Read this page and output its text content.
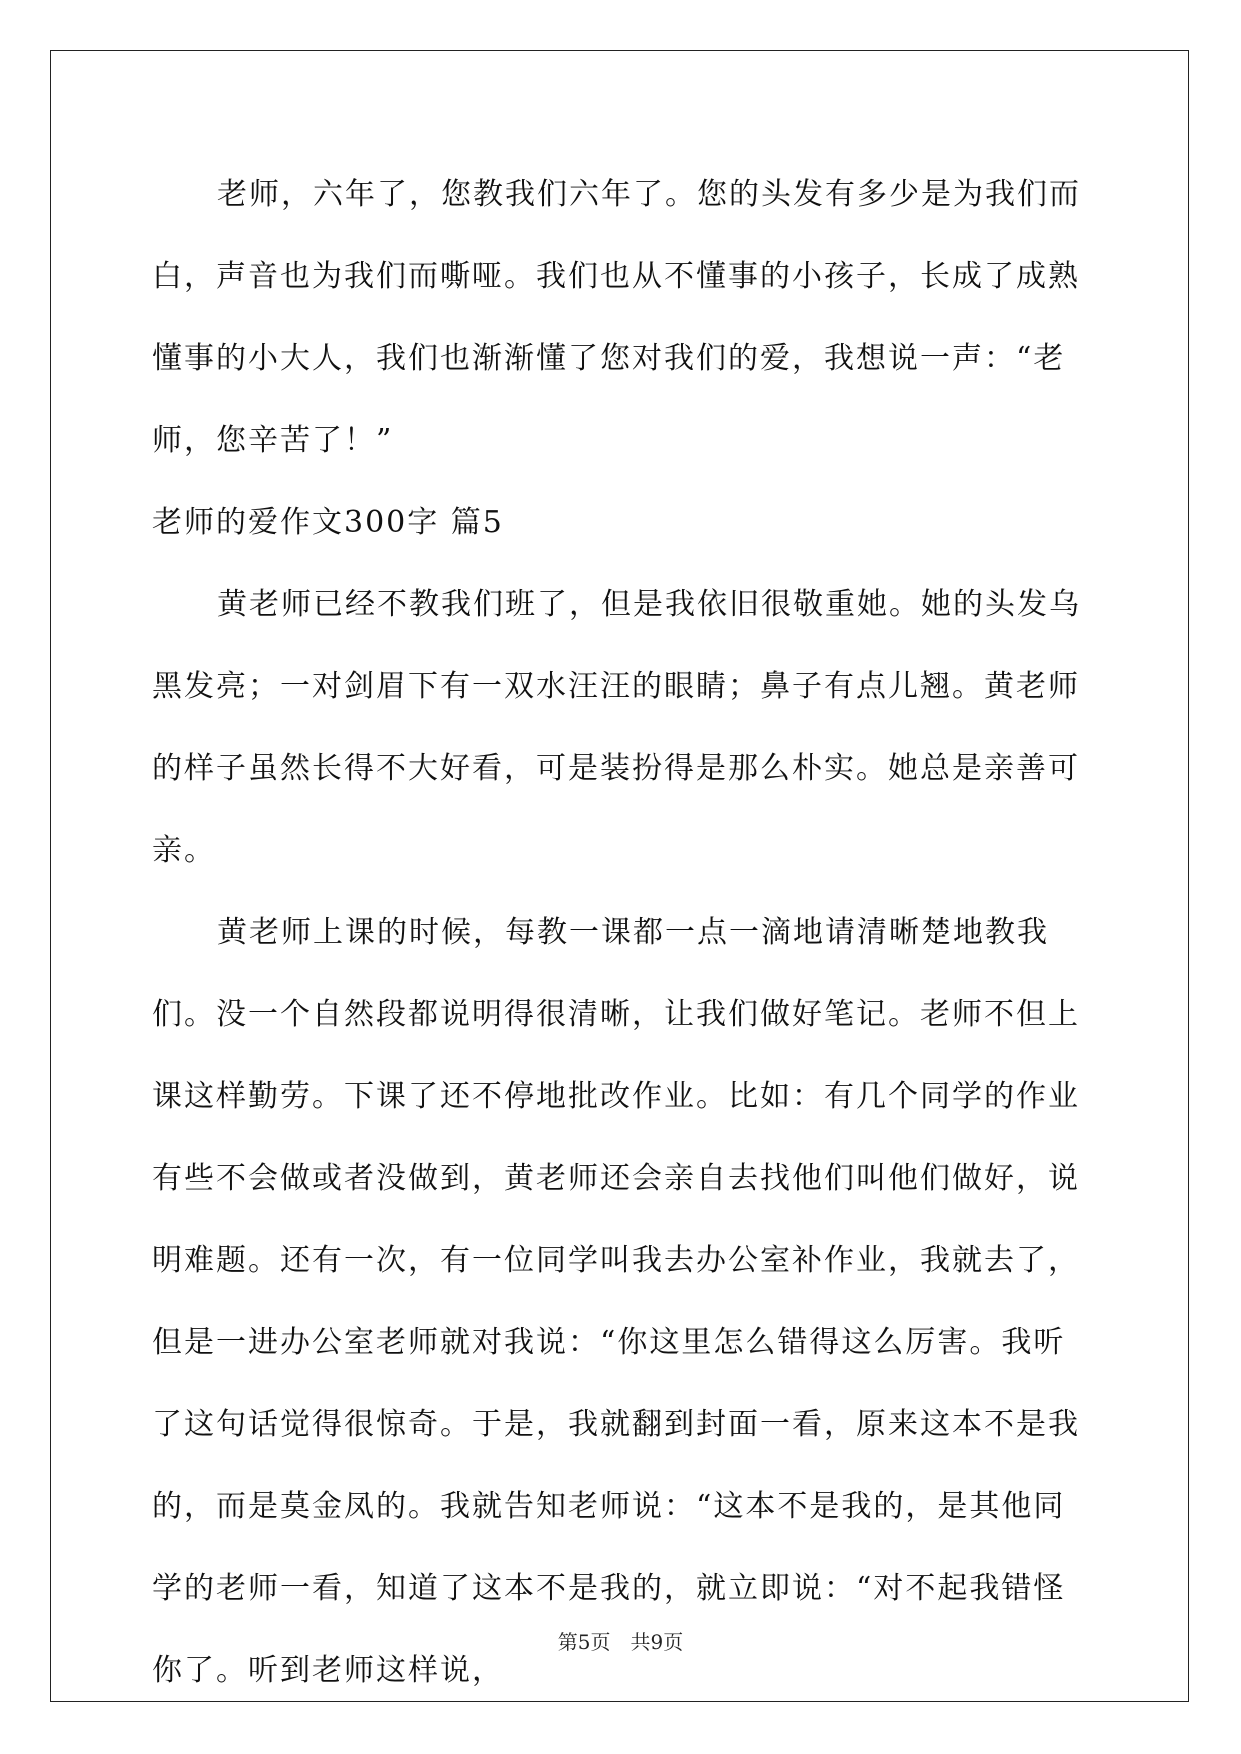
老师，六年了，您教我们六年了。您的头发有多少是为我们而白，声音也为我们而嘶哑。我们也从不懂事的小孩子，长成了成熟懂事的小大人，我们也渐渐懂了您对我们的爱，我想说一声：“老师，您辛苦了！”

老师的爱作文300字 篇5

黄老师已经不教我们班了，但是我依旧很敬重她。她的头发乌黑发亮；一对剑眉下有一双水汪汪的眼睛；鼻子有点儿翘。黄老师的样子虽然长得不大好看，可是装扮得是那么朴实。她总是亲善可亲。

黄老师上课的时候，每教一课都一点一滴地请清晰楚地教我们。没一个自然段都说明得很清晰，让我们做好笔记。老师不但上课这样勤劳。下课了还不停地批改作业。比如：有几个同学的作业有些不会做或者没做到，黄老师还会亲自去找他们叫他们做好，说明难题。还有一次，有一位同学叫我去办公室补作业，我就去了，但是一进办公室老师就对我说：“你这里怎么错得这么厉害。我听了这句话觉得很惊奇。于是，我就翻到封面一看，原来这本不是我的，而是莫金凤的。我就告知老师说：“这本不是我的，是其他同学的老师一看，知道了这本不是我的，就立即说：“对不起我错怪你了。听到老师这样说，

第5页　共9页
